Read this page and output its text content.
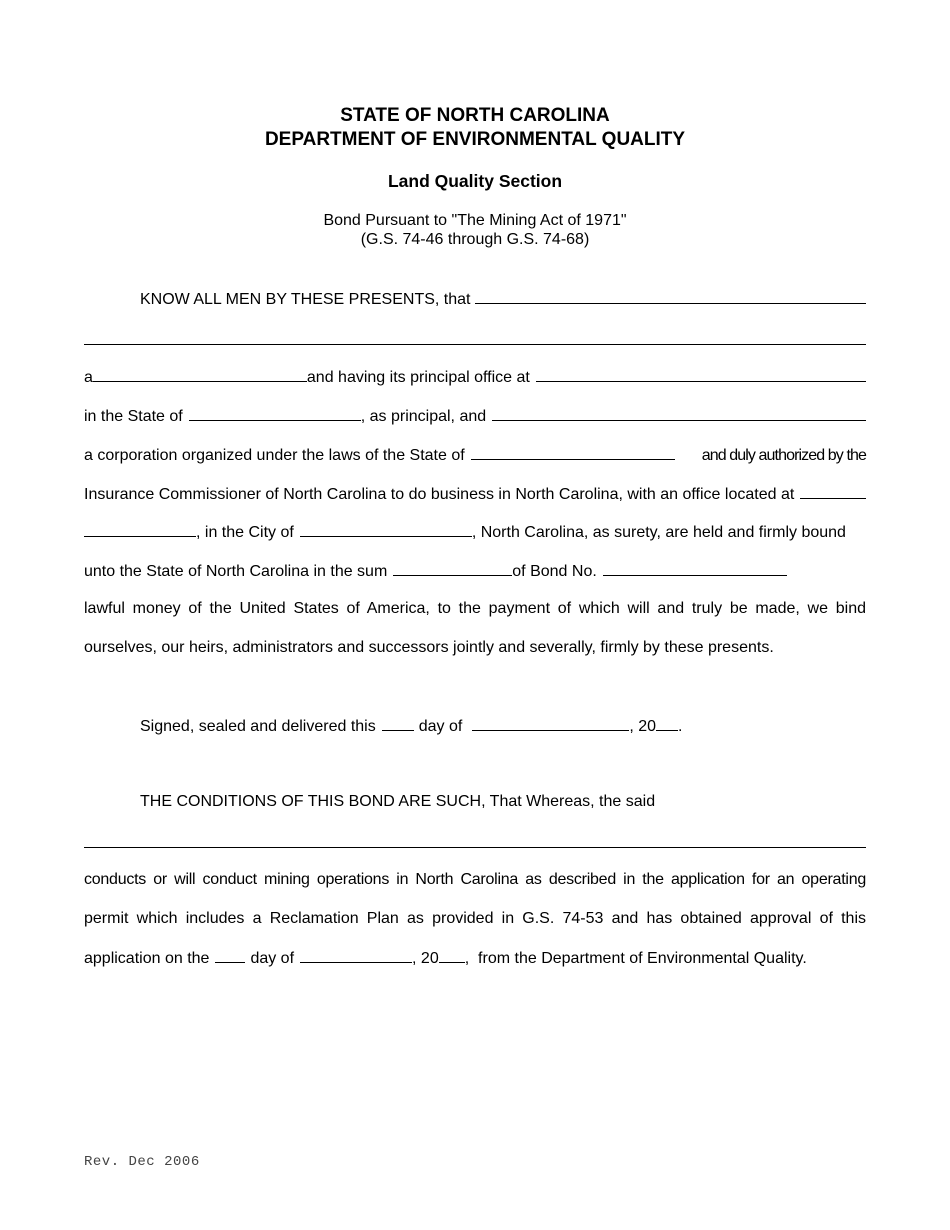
STATE OF NORTH CAROLINA
DEPARTMENT OF ENVIRONMENTAL QUALITY
Land Quality Section
Bond Pursuant to "The Mining Act of 1971"
(G.S. 74-46 through G.S. 74-68)
KNOW ALL MEN BY THESE PRESENTS, that
a	and having its principal office at
in the State of	, as principal, and
a corporation organized under the laws of the State of	and duly authorized by the
Insurance Commissioner of North Carolina to do business in North Carolina, with an office located at
, in the City of	, North Carolina, as surety, are held and firmly bound
unto the State of North Carolina in the sum	of Bond No.
lawful money of the United States of America, to the payment of which will and truly be made, we bind
ourselves, our heirs, administrators and successors jointly and severally, firmly by these presents.
Signed, sealed and delivered this	day of	, 20 .
THE CONDITIONS OF THIS BOND ARE SUCH, That Whereas, the said
conducts or will conduct mining operations in North Carolina as described in the application for an operating
permit which includes a Reclamation Plan as provided in G.S. 74-53 and has obtained approval of this
application on the	day of	, 20 ,  from the Department of Environmental Quality.
Rev. Dec 2006
